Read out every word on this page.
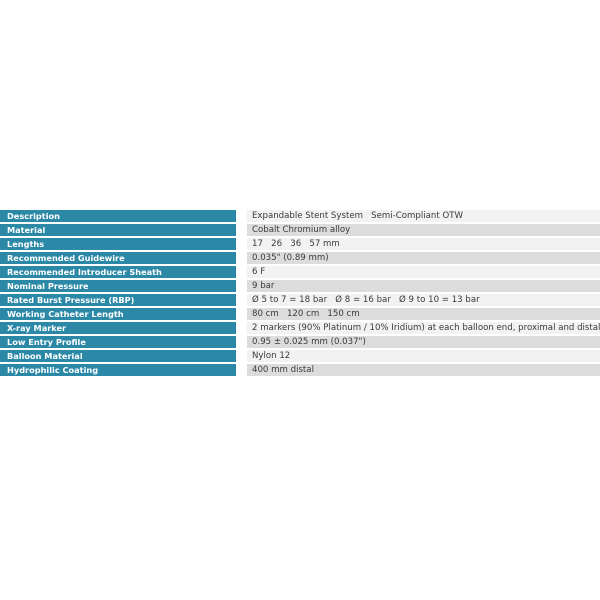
Description	Expandable Stent System   Semi-Compliant OTW
Material	Cobalt Chromium alloy
Lengths	17   26   36   57 mm
Recommended Guidewire	0.035" (0.89 mm)
Recommended Introducer Sheath	6 F
Nominal Pressure	9 bar
Rated Burst Pressure (RBP)	Ø 5 to 7 = 18 bar   Ø 8 = 16 bar   Ø 9 to 10 = 13 bar
Working Catheter Length	80 cm   120 cm   150 cm
X-ray Marker	2 markers (90% Platinum / 10% Iridium) at each balloon end, proximal and distal
Low Entry Profile	0.95 ± 0.025 mm (0.037")
Balloon Material	Nylon 12
Hydrophilic Coating	400 mm distal
